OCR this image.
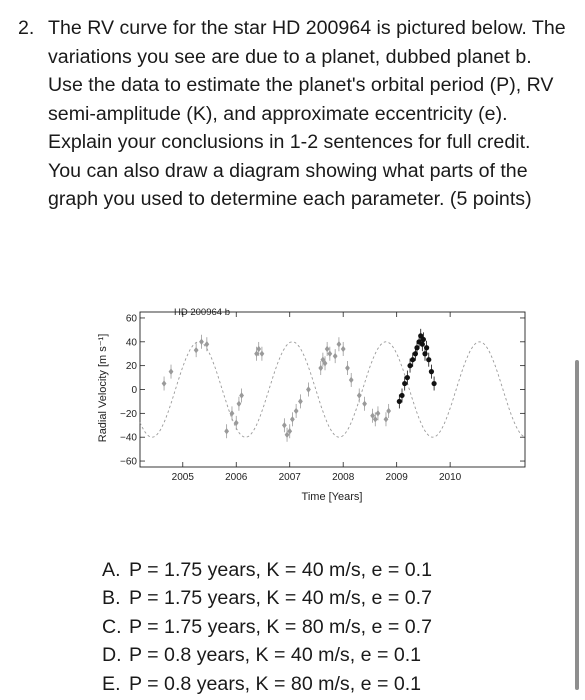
2. The RV curve for the star HD 200964 is pictured below. The variations you see are due to a planet, dubbed planet b. Use the data to estimate the planet's orbital period (P), RV semi-amplitude (K), and approximate eccentricity (e). Explain your conclusions in 1-2 sentences for full credit. You can also draw a diagram showing what parts of the graph you used to determine each parameter. (5 points)
Radial Velocity [m s⁻¹]
HD 200964 b
Time [Years]
60
40
20
0
−20
−40
−60
2005	2006	2007	2008	2009	2010
A. P = 1.75 years, K = 40 m/s, e = 0.1
B. P = 1.75 years, K = 40 m/s, e = 0.7
C. P = 1.75 years, K = 80 m/s, e = 0.7
D. P = 0.8 years, K = 40 m/s, e = 0.1
E. P = 0.8 years, K = 80 m/s, e = 0.1
